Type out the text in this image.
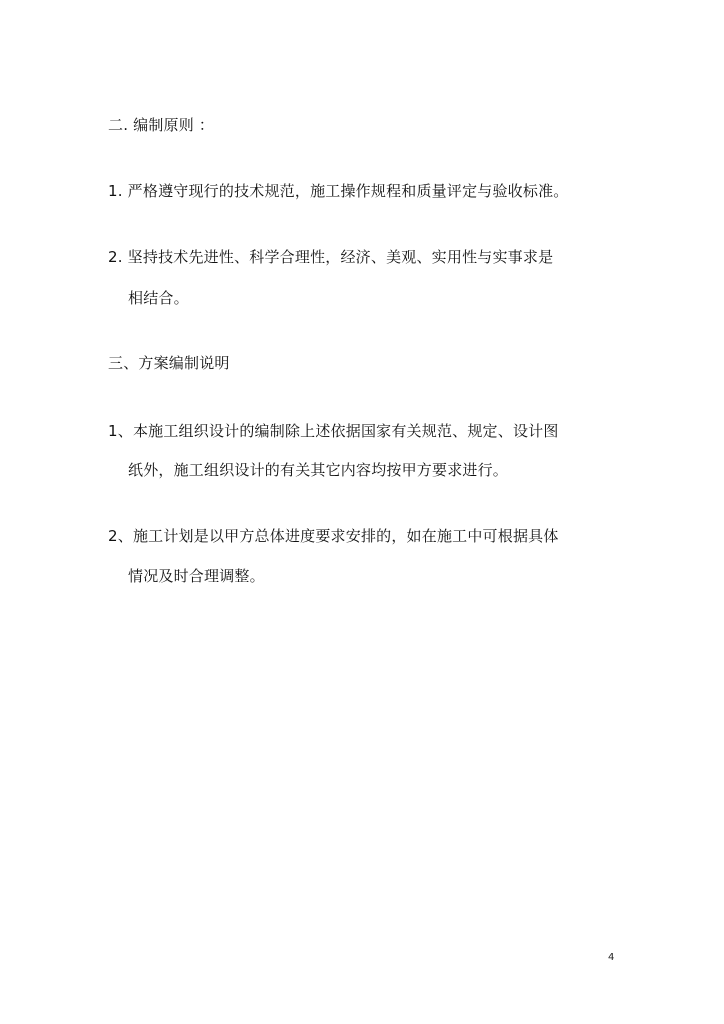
二. 编制原则 ：
1. 严格遵守现行的技术规范，施工操作规程和质量评定与验收标准。
2. 坚持技术先进性、科学合理性，经济、美观、实用性与实事求是
相结合。
三、方案编制说明
1、本施工组织设计的编制除上述依据国家有关规范、规定、设计图
纸外，施工组织设计的有关其它内容均按甲方要求进行。
2、施工计划是以甲方总体进度要求安排的，如在施工中可根据具体
情况及时合理调整。
4
